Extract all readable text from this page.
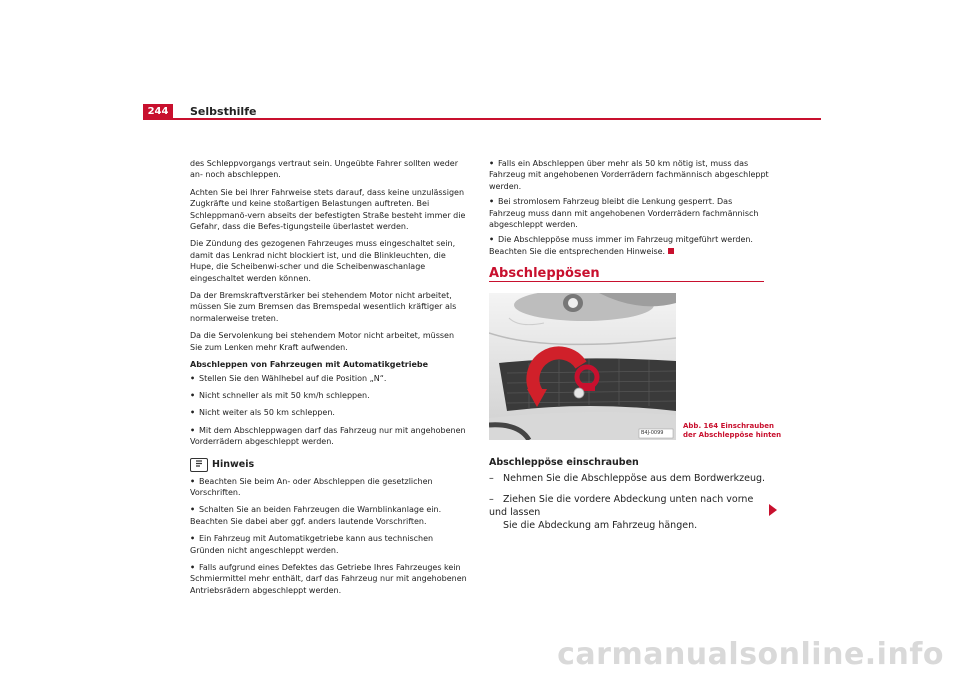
244	Selbsthilfe

des Schleppvorgangs vertraut sein. Ungeübte Fahrer sollten weder an- noch abschleppen.

Achten Sie bei Ihrer Fahrweise stets darauf, dass keine unzulässigen Zugkräfte und keine stoßartigen Belastungen auftreten. Bei Schleppmanö-vern abseits der befestigten Straße besteht immer die Gefahr, dass die Befes-tigungsteile überlastet werden.

Die Zündung des gezogenen Fahrzeuges muss eingeschaltet sein, damit das Lenkrad nicht blockiert ist, und die Blinkleuchten, die Hupe, die Scheibenwi-scher und die Scheibenwaschanlage eingeschaltet werden können.

Da der Bremskraftverstärker bei stehendem Motor nicht arbeitet, müssen Sie zum Bremsen das Bremspedal wesentlich kräftiger als normalerweise treten.

Da die Servolenkung bei stehendem Motor nicht arbeitet, müssen Sie zum Lenken mehr Kraft aufwenden.

Abschleppen von Fahrzeugen mit Automatikgetriebe

• Stellen Sie den Wählhebel auf die Position „N“.

• Nicht schneller als mit 50 km/h schleppen.

• Nicht weiter als 50 km schleppen.

• Mit dem Abschleppwagen darf das Fahrzeug nur mit angehobenen Vorderrädern abgeschleppt werden.

Hinweis

• Beachten Sie beim An- oder Abschleppen die gesetzlichen Vorschriften.

• Schalten Sie an beiden Fahrzeugen die Warnblinkanlage ein. Beachten Sie dabei aber ggf. anders lautende Vorschriften.

• Ein Fahrzeug mit Automatikgetriebe kann aus technischen Gründen nicht angeschleppt werden.

• Falls aufgrund eines Defektes das Getriebe Ihres Fahrzeuges kein Schmiermittel mehr enthält, darf das Fahrzeug nur mit angehobenen Antriebsrädern abgeschleppt werden.

• Falls ein Abschleppen über mehr als 50 km nötig ist, muss das Fahrzeug mit angehobenen Vorderrädern fachmännisch abgeschleppt werden.

• Bei stromlosem Fahrzeug bleibt die Lenkung gesperrt. Das Fahrzeug muss dann mit angehobenen Vorderrädern fachmännisch abgeschleppt werden.

• Die Abschleppöse muss immer im Fahrzeug mitgeführt werden. Beachten Sie die entsprechenden Hinweise.

Abschleppösen
B4J-0099
Abb. 164 Einschrauben
der Abschleppöse hinten
Abschleppöse einschrauben
– Nehmen Sie die Abschleppöse aus dem Bordwerkzeug.
– Ziehen Sie die vordere Abdeckung unten nach vorne und lassen
Sie die Abdeckung am Fahrzeug hängen.
carmanualsonline.info
